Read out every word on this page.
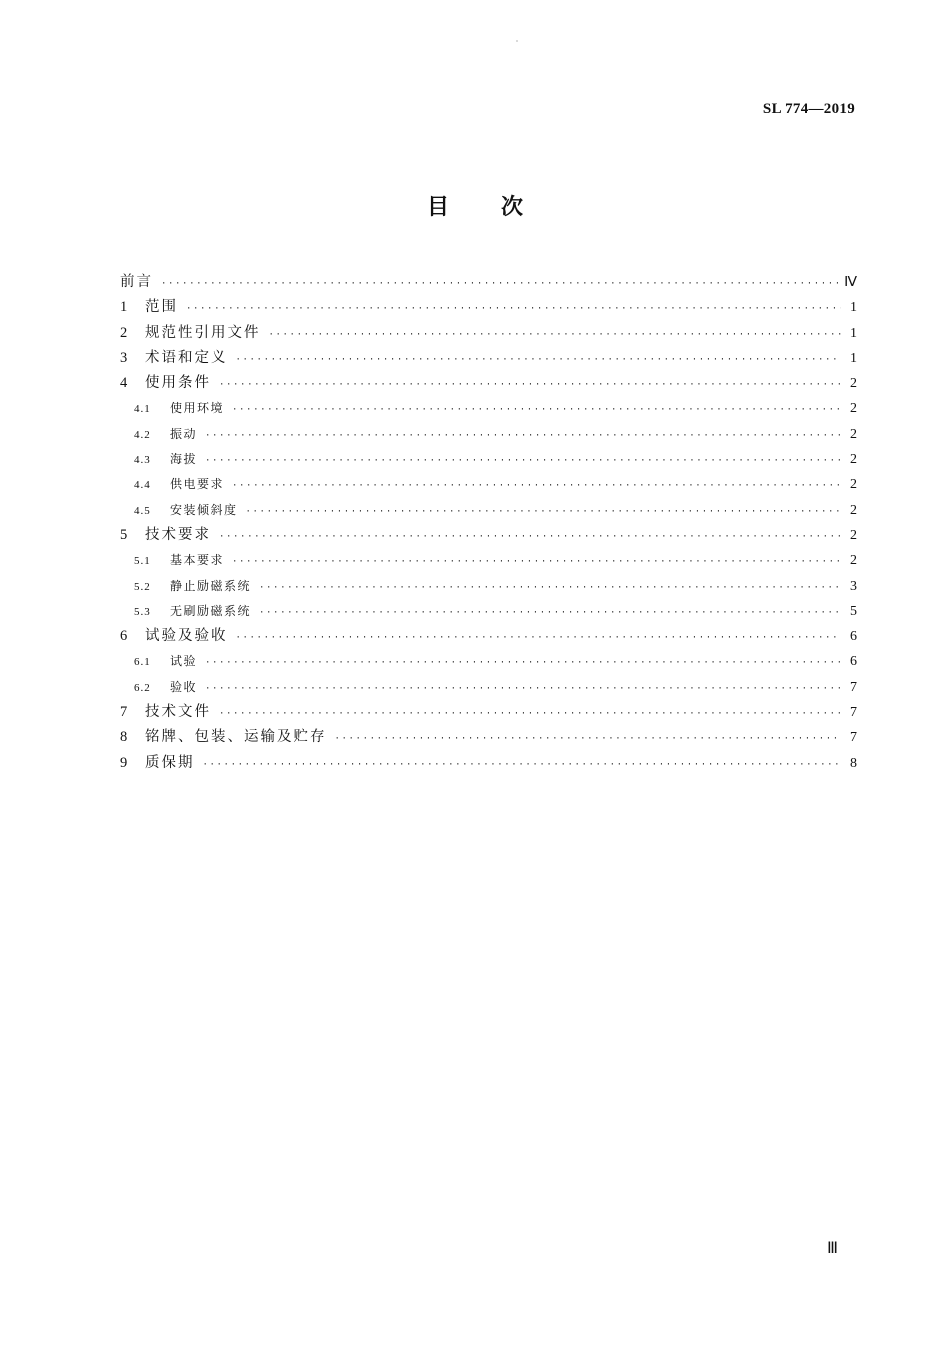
SL 774—2019
目次
前言 ·····	Ⅳ
1	范围 ·····	1
2	规范性引用文件 ·····	1
3	术语和定义 ·····	1
4	使用条件 ·····	2
4.1	使用环境 ·····	2
4.2	振动 ·····	2
4.3	海拔 ·····	2
4.4	供电要求 ·····	2
4.5	安装倾斜度 ·····	2
5	技术要求 ·····	2
5.1	基本要求 ·····	2
5.2	静止励磁系统 ·····	3
5.3	无刷励磁系统 ·····	5
6	试验及验收 ·····	6
6.1	试验 ·····	6
6.2	验收 ·····	7
7	技术文件 ·····	7
8	铭牌、包装、运输及贮存 ·····	7
9	质保期 ·····	8
Ⅲ
